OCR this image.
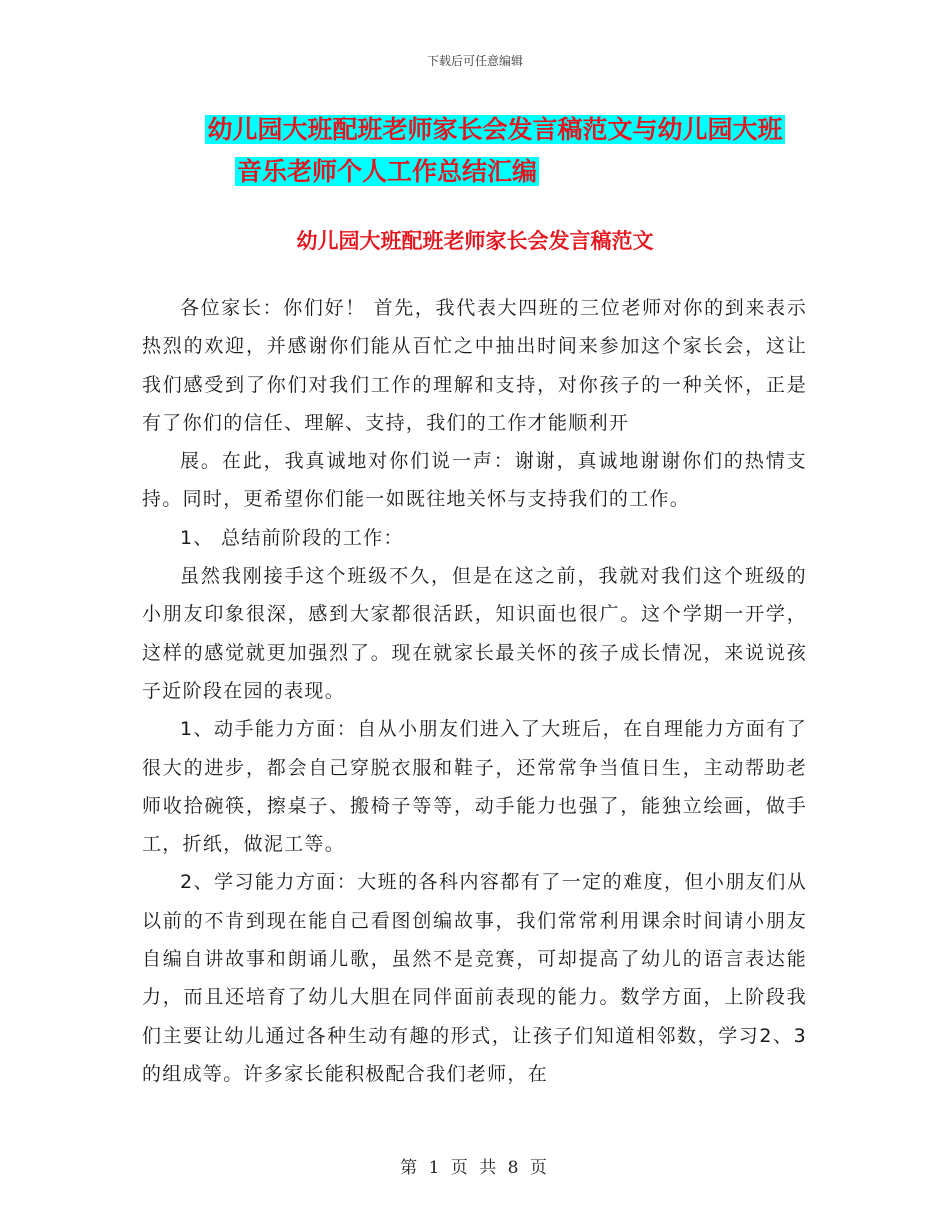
下载后可任意编辑
幼儿园大班配班老师家长会发言稿范文与幼儿园大班
音乐老师个人工作总结汇编
幼儿园大班配班老师家长会发言稿范文

各位家长：你们好！ 首先，我代表大四班的三位老师对你的到来表示热烈的欢迎，并感谢你们能从百忙之中抽出时间来参加这个家长会，这让我们感受到了你们对我们工作的理解和支持，对你孩子的一种关怀，正是有了你们的信任、理解、支持，我们的工作才能顺利开

展。在此，我真诚地对你们说一声：谢谢，真诚地谢谢你们的热情支持。同时，更希望你们能一如既往地关怀与支持我们的工作。

1、 总结前阶段的工作：

虽然我刚接手这个班级不久，但是在这之前，我就对我们这个班级的小朋友印象很深，感到大家都很活跃，知识面也很广。这个学期一开学，这样的感觉就更加强烈了。现在就家长最关怀的孩子成长情况，来说说孩子近阶段在园的表现。

1、动手能力方面：自从小朋友们进入了大班后，在自理能力方面有了很大的进步，都会自己穿脱衣服和鞋子，还常常争当值日生，主动帮助老师收拾碗筷，擦桌子、搬椅子等等，动手能力也强了，能独立绘画，做手工，折纸，做泥工等。

2、学习能力方面：大班的各科内容都有了一定的难度，但小朋友们从以前的不肯到现在能自己看图创编故事，我们常常利用课余时间请小朋友自编自讲故事和朗诵儿歌，虽然不是竞赛，可却提高了幼儿的语言表达能力，而且还培育了幼儿大胆在同伴面前表现的能力。数学方面，上阶段我们主要让幼儿通过各种生动有趣的形式，让孩子们知道相邻数，学习2、3的组成等。许多家长能积极配合我们老师，在

第 1 页 共 8 页
